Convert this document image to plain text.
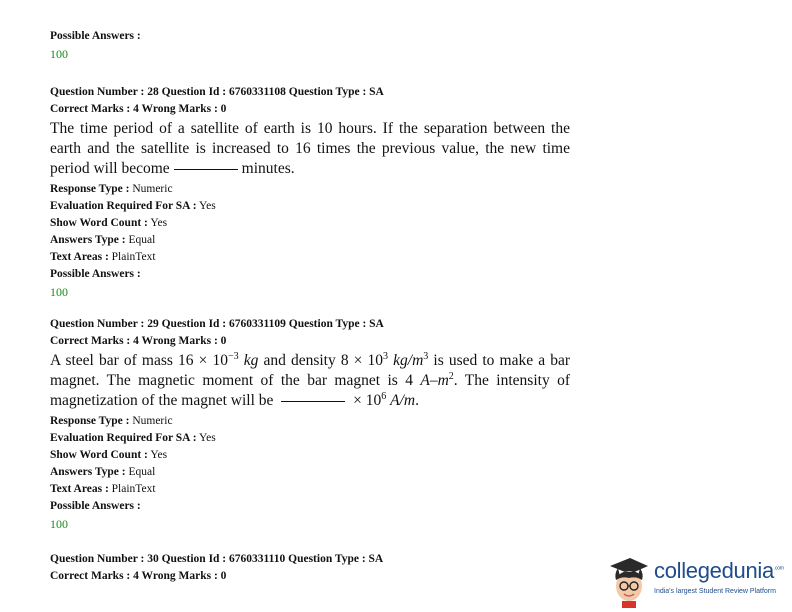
Possible Answers :
100
Question Number : 28 Question Id : 6760331108 Question Type : SA
Correct Marks : 4 Wrong Marks : 0
The time period of a satellite of earth is 10 hours. If the separation between the earth and the satellite is increased to 16 times the previous value, the new time period will become	minutes.
Response Type : Numeric
Evaluation Required For SA : Yes
Show Word Count : Yes
Answers Type : Equal
Text Areas : PlainText
Possible Answers :
100
Question Number : 29 Question Id : 6760331109 Question Type : SA
Correct Marks : 4 Wrong Marks : 0
A steel bar of mass $16 \times 10^{-3}$ kg and density $8 \times 10^3$ $kg/m^3$ is used to make a bar magnet. The magnetic moment of the bar magnet is 4 $A-m^2$. The intensity of magnetization of the magnet will be	× $10^6$ A/m.
Response Type : Numeric
Evaluation Required For SA : Yes
Show Word Count : Yes
Answers Type : Equal
Text Areas : PlainText
Possible Answers :
100
Question Number : 30 Question Id : 6760331110 Question Type : SA
Correct Marks : 4 Wrong Marks : 0	collegedunia$^{.com}$
India's largest Student Review Platform
